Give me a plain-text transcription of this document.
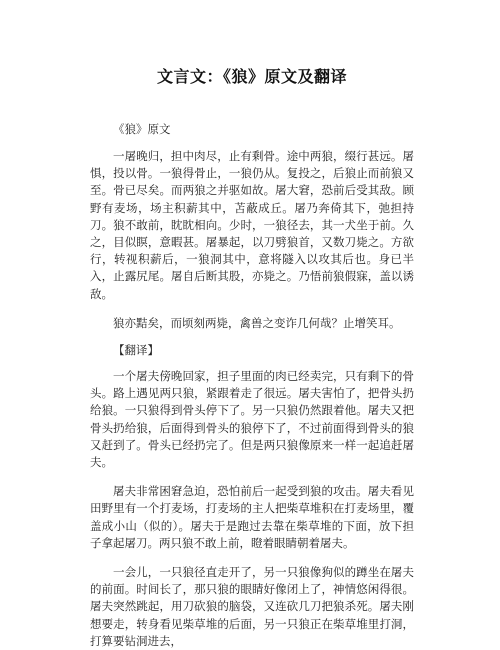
文言文：《狼》原文及翻译

《狼》原文

一屠晚归，担中肉尽，止有剩骨。途中两狼，缀行甚远。屠惧，投以骨。一狼得骨止，一狼仍从。复投之，后狼止而前狼又至。骨已尽矣。而两狼之并驱如故。屠大窘，恐前后受其敌。顾野有麦场，场主积薪其中，苫蔽成丘。屠乃奔倚其下，弛担持刀。狼不敢前，眈眈相向。少时，一狼径去，其一犬坐于前。久之，目似瞑，意暇甚。屠暴起，以刀劈狼首，又数刀毙之。方欲行，转视积薪后，一狼洞其中，意将隧入以攻其后也。身已半入，止露尻尾。屠自后断其股，亦毙之。乃悟前狼假寐，盖以诱敌。

狼亦黠矣，而顷刻两毙，禽兽之变诈几何哉？止增笑耳。

【翻译】

一个屠夫傍晚回家，担子里面的肉已经卖完，只有剩下的骨头。路上遇见两只狼，紧跟着走了很远。屠夫害怕了，把骨头扔给狼。一只狼得到骨头停下了。另一只狼仍然跟着他。屠夫又把骨头扔给狼，后面得到骨头的狼停下了，不过前面得到骨头的狼又赶到了。骨头已经扔完了。但是两只狼像原来一样一起追赶屠夫。

屠夫非常困窘急迫，恐怕前后一起受到狼的攻击。屠夫看见田野里有一个打麦场，打麦场的主人把柴草堆积在打麦场里，覆盖成小山（似的）。屠夫于是跑过去靠在柴草堆的下面，放下担子拿起屠刀。两只狼不敢上前，瞪着眼睛朝着屠夫。

一会儿，一只狼径直走开了，另一只狼像狗似的蹲坐在屠夫的前面。时间长了，那只狼的眼睛好像闭上了，神情悠闲得很。屠夫突然跳起，用刀砍狼的脑袋，又连砍几刀把狼杀死。屠夫刚想要走，转身看见柴草堆的后面，另一只狼正在柴草堆里打洞，打算要钻洞进去，
